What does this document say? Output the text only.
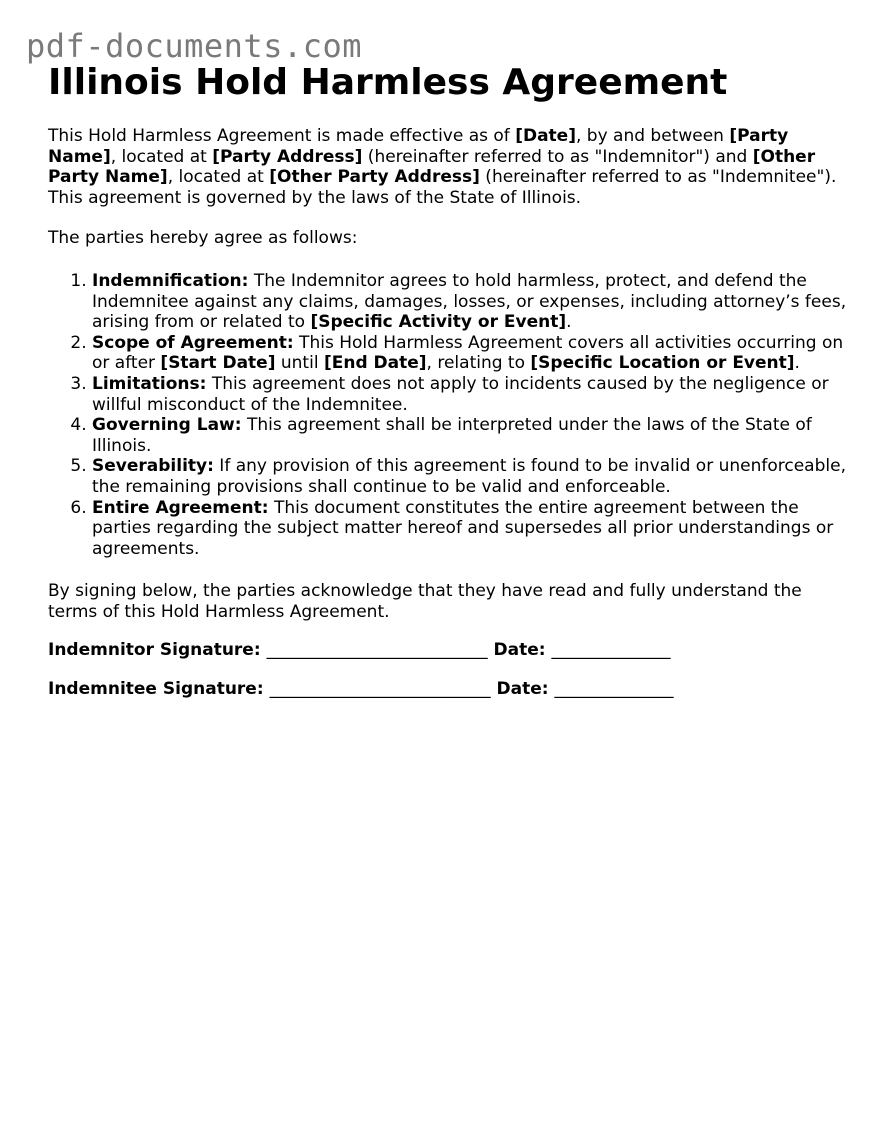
pdf-documents.com
Illinois Hold Harmless Agreement

This Hold Harmless Agreement is made effective as of [Date], by and between [Party Name], located at [Party Address] (hereinafter referred to as "Indemnitor") and [Other Party Name], located at [Other Party Address] (hereinafter referred to as "Indemnitee"). This agreement is governed by the laws of the State of Illinois.

The parties hereby agree as follows:

1. Indemnification: The Indemnitor agrees to hold harmless, protect, and defend the Indemnitee against any claims, damages, losses, or expenses, including attorney’s fees, arising from or related to [Specific Activity or Event].
2. Scope of Agreement: This Hold Harmless Agreement covers all activities occurring on or after [Start Date] until [End Date], relating to [Specific Location or Event].
3. Limitations: This agreement does not apply to incidents caused by the negligence or willful misconduct of the Indemnitee.
4. Governing Law: This agreement shall be interpreted under the laws of the State of Illinois.
5. Severability: If any provision of this agreement is found to be invalid or unenforceable, the remaining provisions shall continue to be valid and enforceable.
6. Entire Agreement: This document constitutes the entire agreement between the parties regarding the subject matter hereof and supersedes all prior understandings or agreements.

By signing below, the parties acknowledge that they have read and fully understand the terms of this Hold Harmless Agreement.

Indemnitor Signature: __________________________ Date: ______________

Indemnitee Signature: __________________________ Date: ______________
